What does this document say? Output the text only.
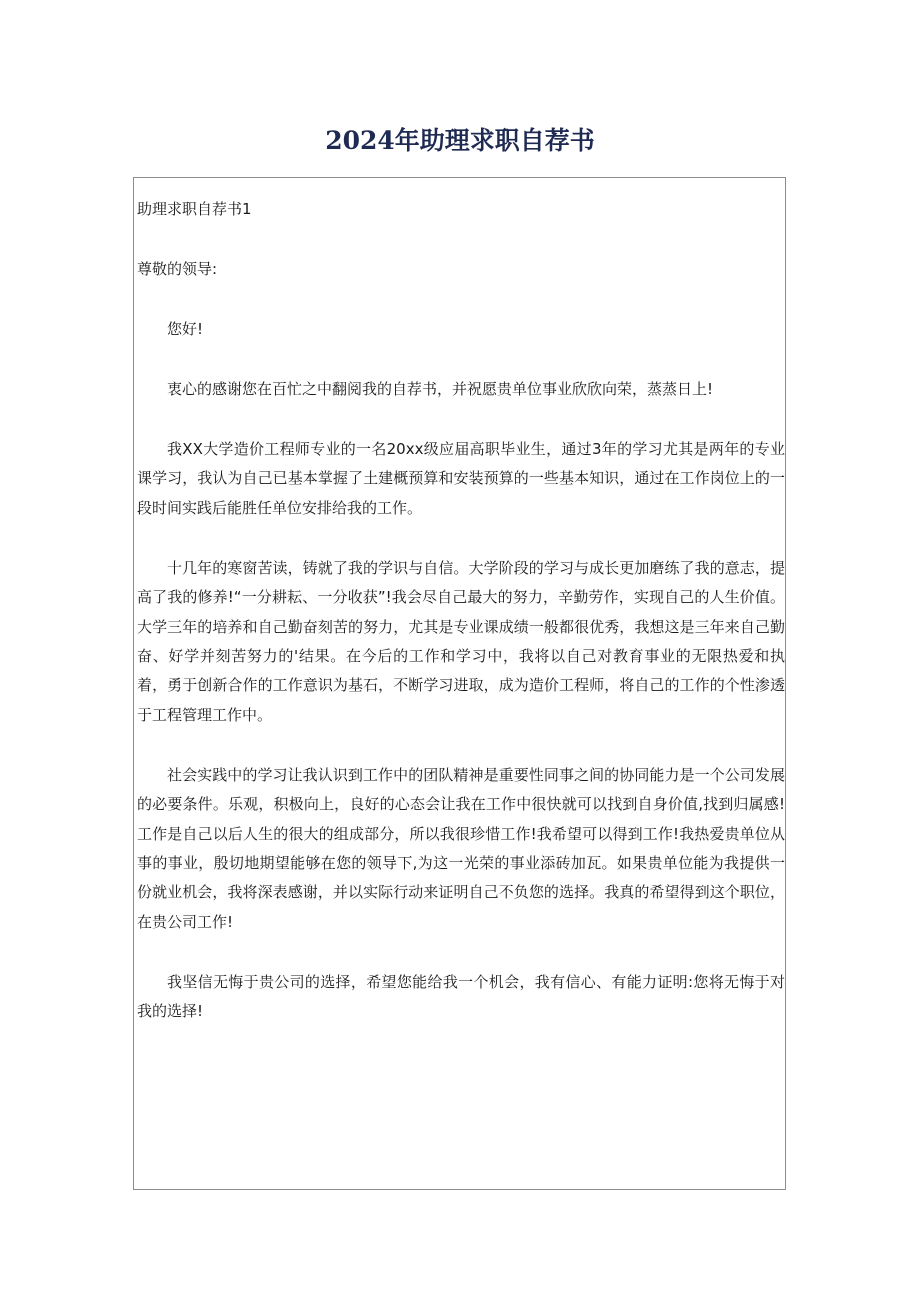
2024年助理求职自荐书

助理求职自荐书1

尊敬的领导:

您好!

衷心的感谢您在百忙之中翻阅我的自荐书，并祝愿贵单位事业欣欣向荣，蒸蒸日上!

我XX大学造价工程师专业的一名20xx级应届高职毕业生，通过3年的学习尤其是两年的专业课学习，我认为自己已基本掌握了土建概预算和安装预算的一些基本知识，通过在工作岗位上的一段时间实践后能胜任单位安排给我的工作。

十几年的寒窗苦读，铸就了我的学识与自信。大学阶段的学习与成长更加磨练了我的意志，提高了我的修养!“一分耕耘、一分收获”!我会尽自己最大的努力，辛勤劳作，实现自己的人生价值。大学三年的培养和自己勤奋刻苦的努力，尤其是专业课成绩一般都很优秀，我想这是三年来自己勤奋、好学并刻苦努力的'结果。在今后的工作和学习中，我将以自己对教育事业的无限热爱和执着，勇于创新合作的工作意识为基石，不断学习进取，成为造价工程师，将自己的工作的个性渗透于工程管理工作中。

社会实践中的学习让我认识到工作中的团队精神是重要性同事之间的协同能力是一个公司发展的必要条件。乐观，积极向上，良好的心态会让我在工作中很快就可以找到自身价值,找到归属感!工作是自己以后人生的很大的组成部分，所以我很珍惜工作!我希望可以得到工作!我热爱贵单位从事的事业，殷切地期望能够在您的领导下,为这一光荣的事业添砖加瓦。如果贵单位能为我提供一份就业机会，我将深表感谢，并以实际行动来证明自己不负您的选择。我真的希望得到这个职位，在贵公司工作!

我坚信无悔于贵公司的选择，希望您能给我一个机会，我有信心、有能力证明:您将无悔于对我的选择!
